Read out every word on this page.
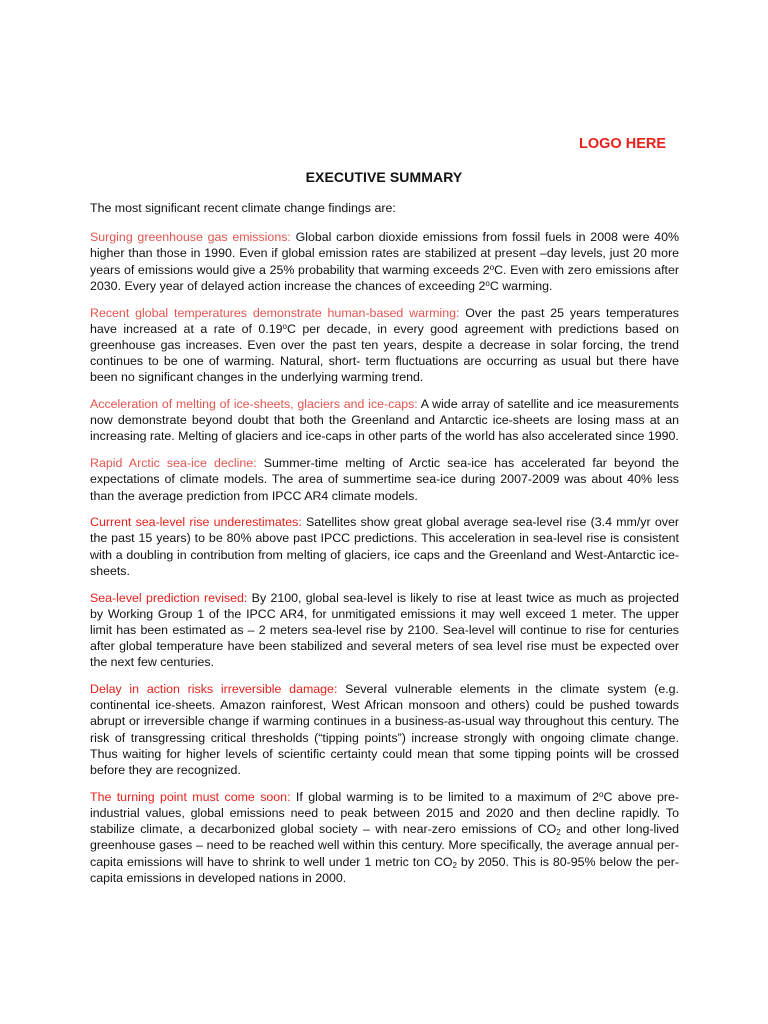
LOGO HERE
EXECUTIVE SUMMARY

The most significant recent climate change findings are:

Surging greenhouse gas emissions: Global carbon dioxide emissions from fossil fuels in 2008 were 40% higher than those in 1990. Even if global emission rates are stabilized at present –day levels, just 20 more years of emissions would give a 25% probability that warming exceeds 2$^o$C. Even with zero emissions after 2030. Every year of delayed action increase the chances of exceeding 2$^o$C warming.

Recent global temperatures demonstrate human-based warming: Over the past 25 years temperatures have increased at a rate of 0.19$^o$C per decade, in every good agreement with predictions based on greenhouse gas increases. Even over the past ten years, despite a decrease in solar forcing, the trend continues to be one of warming. Natural, short- term fluctuations are occurring as usual but there have been no significant changes in the underlying warming trend.

Acceleration of melting of ice-sheets, glaciers and ice-caps: A wide array of satellite and ice measurements now demonstrate beyond doubt that both the Greenland and Antarctic ice-sheets are losing mass at an increasing rate. Melting of glaciers and ice-caps in other parts of the world has also accelerated since 1990.

Rapid Arctic sea-ice decline: Summer-time melting of Arctic sea-ice has accelerated far beyond the expectations of climate models. The area of summertime sea-ice during 2007-2009 was about 40% less than the average prediction from IPCC AR4 climate models.

Current sea-level rise underestimates: Satellites show great global average sea-level rise (3.4 mm/yr over the past 15 years) to be 80% above past IPCC predictions. This acceleration in sea-level rise is consistent with a doubling in contribution from melting of glaciers, ice caps and the Greenland and West-Antarctic ice-sheets.

Sea-level prediction revised: By 2100, global sea-level is likely to rise at least twice as much as projected by Working Group 1 of the IPCC AR4, for unmitigated emissions it may well exceed 1 meter. The upper limit has been estimated as – 2 meters sea-level rise by 2100. Sea-level will continue to rise for centuries after global temperature have been stabilized and several meters of sea level rise must be expected over the next few centuries.

Delay in action risks irreversible damage: Several vulnerable elements in the climate system (e.g. continental ice-sheets. Amazon rainforest, West African monsoon and others) could be pushed towards abrupt or irreversible change if warming continues in a business-as-usual way throughout this century. The risk of transgressing critical thresholds (“tipping points”) increase strongly with ongoing climate change. Thus waiting for higher levels of scientific certainty could mean that some tipping points will be crossed before they are recognized.

The turning point must come soon: If global warming is to be limited to a maximum of 2$^o$C above pre-industrial values, global emissions need to peak between 2015 and 2020 and then decline rapidly. To stabilize climate, a decarbonized global society – with near-zero emissions of $CO_2$ and other long-lived greenhouse gases – need to be reached well within this century. More specifically, the average annual per-capita emissions will have to shrink to well under 1 metric ton $CO_2$ by 2050. This is 80-95% below the per-capita emissions in developed nations in 2000.
